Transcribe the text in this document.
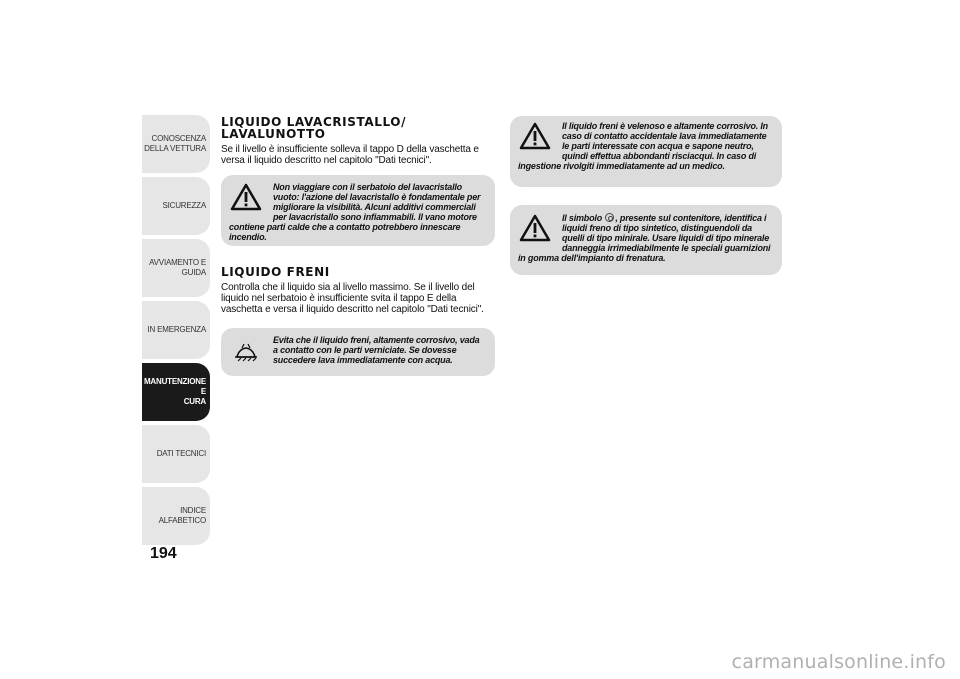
CONOSCENZA
DELLA VETTURA
SICUREZZA
AVVIAMENTO E
GUIDA
IN EMERGENZA
MANUTENZIONE E
CURA
DATI TECNICI
INDICE ALFABETICO
194
LIQUIDO LAVACRISTALLO/
LAVALUNOTTO

Se il livello è insufficiente solleva il tappo D della vaschetta e versa il liquido descritto nel capitolo "Dati tecnici".

Non viaggiare con il serbatoio del lavacristallo vuoto: l'azione del lavacristallo è fondamentale per migliorare la visibilità. Alcuni additivi commerciali per lavacristallo sono infiammabili. Il vano motore contiene parti calde che a contatto potrebbero innescare incendio.

LIQUIDO FRENI

Controlla che il liquido sia al livello massimo. Se il livello del liquido nel serbatoio è insufficiente svita il tappo E della vaschetta e versa il liquido descritto nel capitolo "Dati tecnici".

Evita che il liquido freni, altamente corrosivo, vada a contatto con le parti verniciate. Se dovesse succedere lava immediatamente con acqua.

Il liquido freni è velenoso e altamente corrosivo. In caso di contatto accidentale lava immediatamente le parti interessate con acqua e sapone neutro, quindi effettua abbondanti risciacqui. In caso di ingestione rivolgiti immediatamente ad un medico.

Il simbolo , presente sul contenitore, identifica i liquidi freno di tipo sintetico, distinguendoli da quelli di tipo minirale. Usare liquidi di tipo minerale danneggia irrimediabilmente le speciali guarnizioni in gomma dell'impianto di frenatura.

carmanualsonline.info
